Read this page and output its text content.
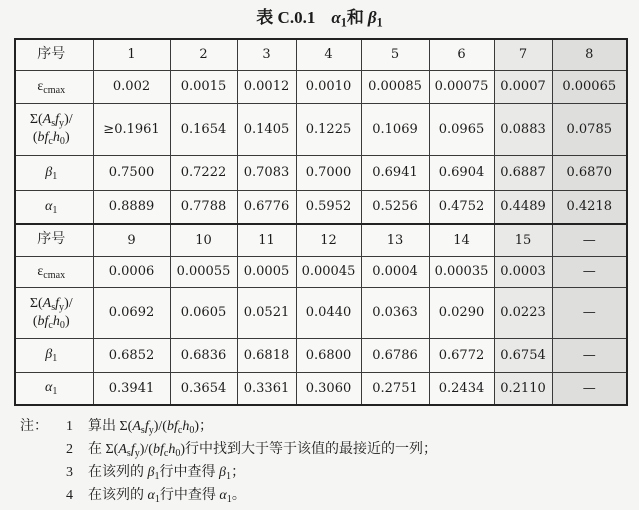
表 C.0.1 $\alpha_1$和 $\beta_1$
序号	1	2	3	4	5	6	7	8

$\varepsilon_{cmax}$	0.002	0.0015	0.0012	0.0010	0.00085	0.00075	0.0007	0.00065

$\Sigma(A_sf_y)/$
$(bf_ch_0)$	≥0.1961	0.1654	0.1405	0.1225	0.1069	0.0965	0.0883	0.0785

$\beta_1$	0.7500	0.7222	0.7083	0.7000	0.6941	0.6904	0.6887	0.6870

$\alpha_1$	0.8889	0.7788	0.6776	0.5952	0.5256	0.4752	0.4489	0.4218

序号	9	10	11	12	13	14	15	—

$\varepsilon_{cmax}$	0.0006	0.00055	0.0005	0.00045	0.0004	0.00035	0.0003	—

$\Sigma(A_sf_y)/$
$(bf_ch_0)$	0.0692	0.0605	0.0521	0.0440	0.0363	0.0290	0.0223	—

$\beta_1$	0.6852	0.6836	0.6818	0.6800	0.6786	0.6772	0.6754	—

$\alpha_1$	0.3941	0.3654	0.3361	0.3060	0.2751	0.2434	0.2110	—
注：	1	算出 $\Sigma(A_sf_y)/(bf_ch_0)$；
2	在 $\Sigma(A_sf_y)/(bf_ch_0)$行中找到大于等于该值的最接近的一列；
3	在该列的 $\beta_1$行中查得 $\beta_1$；
4	在该列的 $\alpha_1$行中查得 $\alpha_1$。
